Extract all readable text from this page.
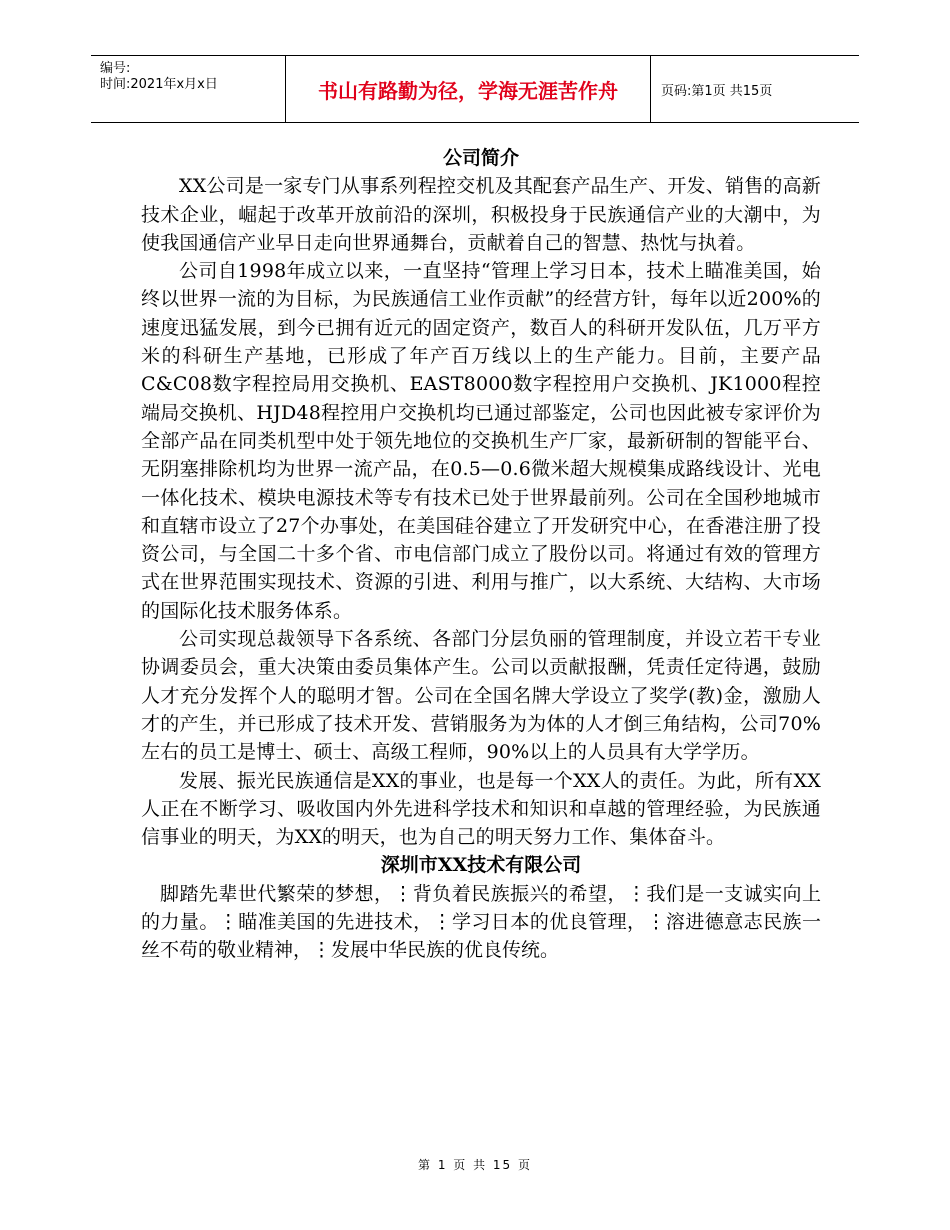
编号:
时间:2021年x月x日	书山有路勤为径，学海无涯苦作舟	页码:第1页 共15页

公司简介

XX公司是一家专门从事系列程控交机及其配套产品生产、开发、销售的高新技术企业，崛起于改革开放前沿的深圳，积极投身于民族通信产业的大潮中，为使我国通信产业早日走向世界通舞台，贡献着自己的智慧、热忱与执着。

公司自1998年成立以来，一直坚持“管理上学习日本，技术上瞄准美国，始终以世界一流的为目标，为民族通信工业作贡献”的经营方针，每年以近200%的速度迅猛发展，到今已拥有近元的固定资产，数百人的科研开发队伍，几万平方米的科研生产基地，已形成了年产百万线以上的生产能力。目前，主要产品C&C08数字程控局用交换机、EAST8000数字程控用户交换机、JK1000程控端局交换机、HJD48程控用户交换机均已通过部鉴定，公司也因此被专家评价为全部产品在同类机型中处于领先地位的交换机生产厂家，最新研制的智能平台、无阴塞排除机均为世界一流产品，在0.5—0.6微米超大规模集成路线设计、光电一体化技术、模块电源技术等专有技术已处于世界最前列。公司在全国秒地城市和直辖市设立了27个办事处，在美国硅谷建立了开发研究中心，在香港注册了投资公司，与全国二十多个省、市电信部门成立了股份以司。将通过有效的管理方式在世界范围实现技术、资源的引进、利用与推广，以大系统、大结构、大市场的国际化技术服务体系。

公司实现总裁领导下各系统、各部门分层负丽的管理制度，并设立若干专业协调委员会，重大决策由委员集体产生。公司以贡献报酬，凭责任定待遇，鼓励人才充分发挥个人的聪明才智。公司在全国名牌大学设立了奖学(教)金，激励人才的产生，并已形成了技术开发、营销服务为为体的人才倒三角结构，公司70%左右的员工是博士、硕士、高级工程师，90%以上的人员具有大学学历。

发展、振光民族通信是XX的事业，也是每一个XX人的责任。为此，所有XX人正在不断学习、吸收国内外先进科学技术和知识和卓越的管理经验，为民族通信事业的明天，为XX的明天，也为自己的明天努力工作、集体奋斗。

深圳市XX技术有限公司

脚踏先辈世代繁荣的梦想，⋮背负着民族振兴的希望，⋮我们是一支诚实向上的力量。⋮瞄准美国的先进技术，⋮学习日本的优良管理，⋮溶进德意志民族一丝不苟的敬业精神，⋮发展中华民族的优良传统。

第 1 页 共 15 页
